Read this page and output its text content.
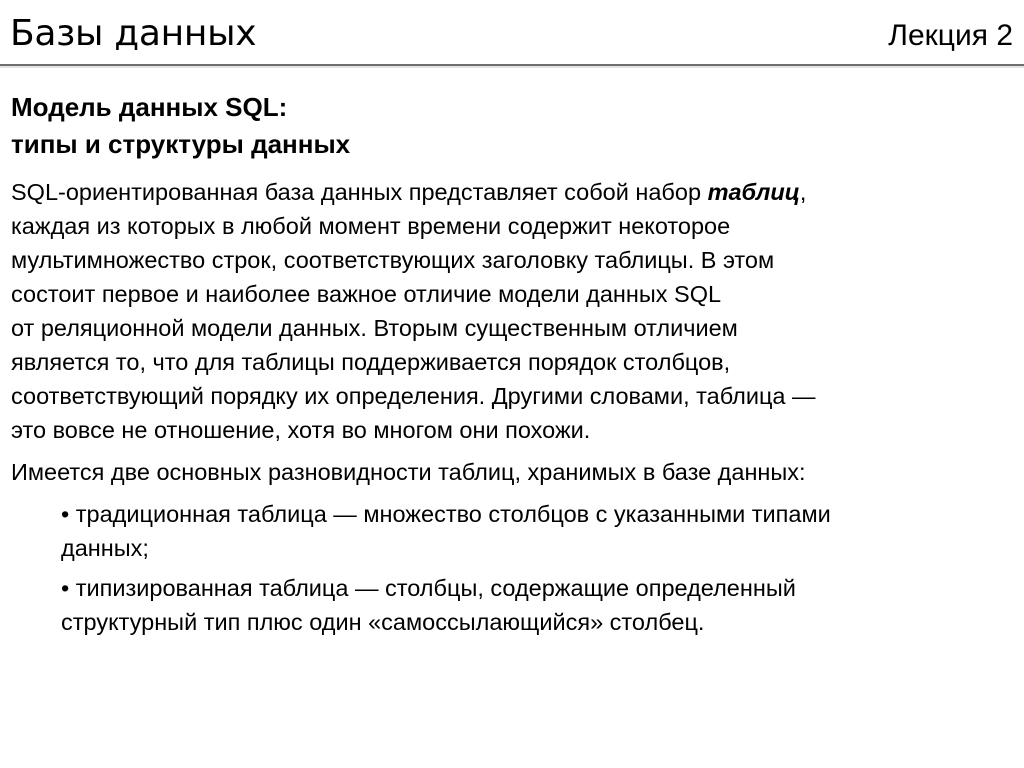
Базы данных	Лекция 2
Модель данных SQL:
типы и структуры данных

SQL-ориентированная база данных представляет собой набор таблиц,
каждая из которых в любой момент времени содержит некоторое
мультимножество строк, соответствующих заголовку таблицы. В этом
состоит первое и наиболее важное отличие модели данных SQL
от реляционной модели данных. Вторым существенным отличием
является то, что для таблицы поддерживается порядок столбцов,
соответствующий порядку их определения. Другими словами, таблица —
это вовсе не отношение, хотя во многом они похожи.

Имеется две основных разновидности таблиц, хранимых в базе данных:

• традиционная таблица — множество столбцов с указанными типами
данных;
• типизированная таблица — столбцы, содержащие определенный
структурный тип плюс один «самоссылающийся» столбец.
